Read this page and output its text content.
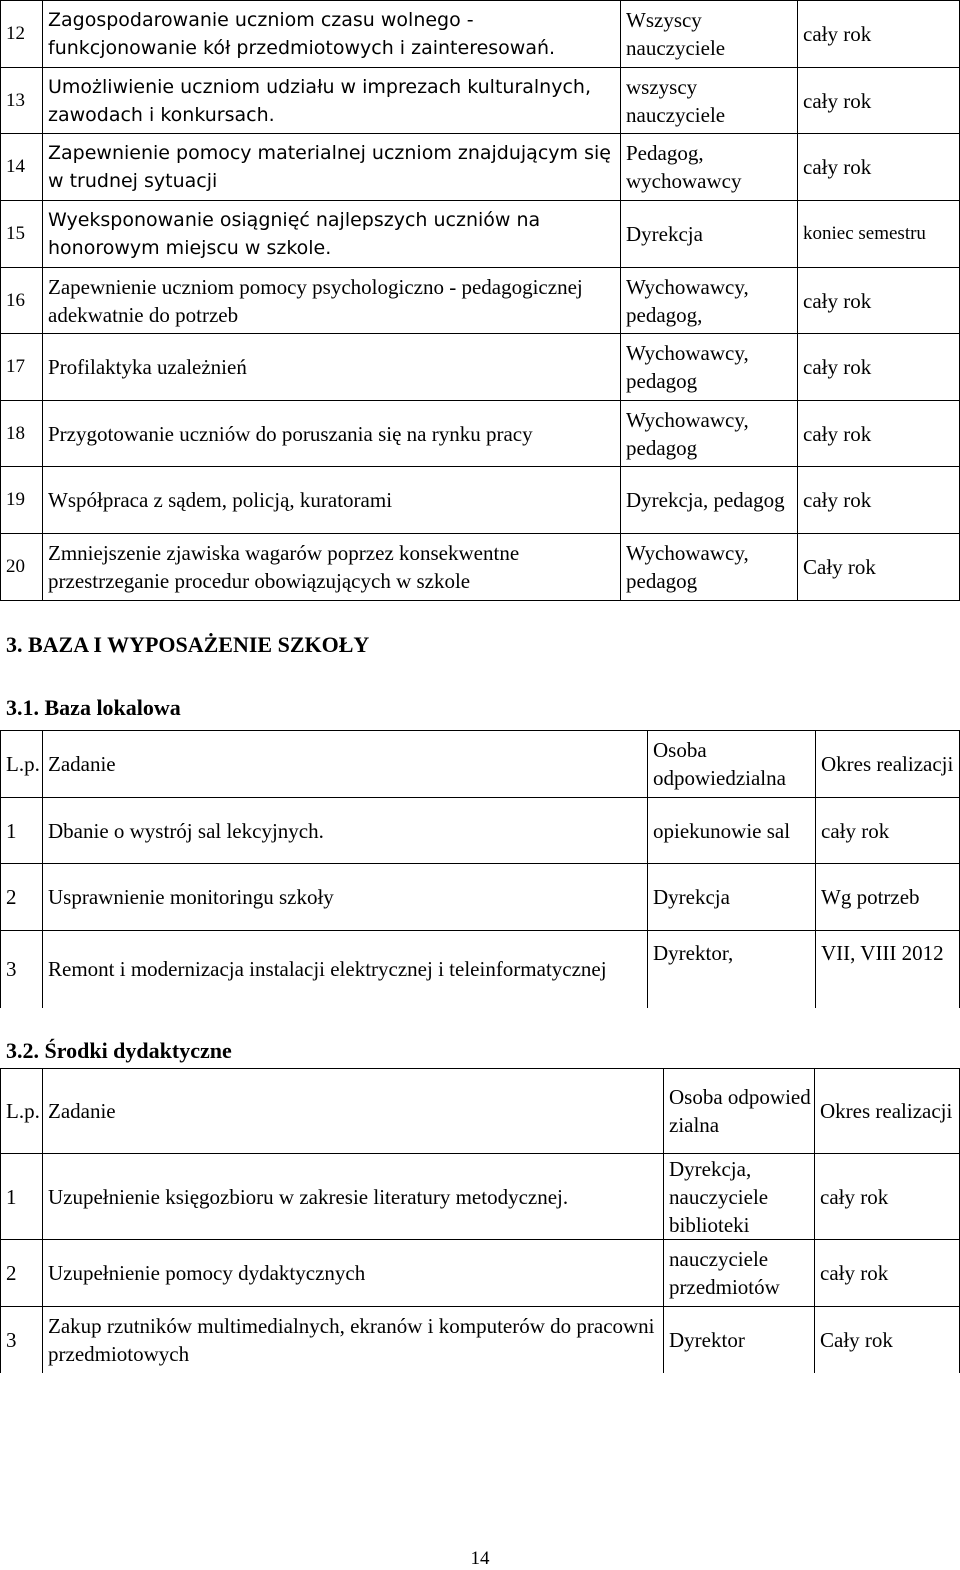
12	Zagospodarowanie uczniom czasu wolnego - funkcjonowanie kół przedmiotowych i zainteresowań.	Wszyscy nauczyciele	cały rok
13	Umożliwienie uczniom udziału w imprezach kulturalnych, zawodach i konkursach.	wszyscy nauczyciele	cały rok
14	Zapewnienie pomocy materialnej uczniom znajdującym się w trudnej sytuacji	Pedagog, wychowawcy	cały rok
15	Wyeksponowanie osiągnięć najlepszych uczniów na honorowym miejscu w szkole.	Dyrekcja	koniec semestru
16	Zapewnienie uczniom pomocy psychologiczno - pedagogicznej adekwatnie do potrzeb	Wychowawcy, pedagog,	cały rok
17	Profilaktyka uzależnień	Wychowawcy, pedagog	cały rok
18	Przygotowanie uczniów do poruszania się na rynku pracy	Wychowawcy, pedagog	cały rok
19	Współpraca z sądem, policją, kuratorami	Dyrekcja, pedagog	cały rok
20	Zmniejszenie zjawiska wagarów poprzez konsekwentne przestrzeganie procedur obowiązujących w szkole	Wychowawcy, pedagog	Cały rok
3. BAZA I WYPOSAŻENIE SZKOŁY
3.1. Baza lokalowa
L.p.	Zadanie	Osoba odpowiedzialna	Okres realizacji
1	Dbanie o wystrój sal lekcyjnych.	opiekunowie sal	cały rok
2	Usprawnienie monitoringu szkoły	Dyrekcja	Wg potrzeb
3	Remont i modernizacja instalacji elektrycznej i teleinformatycznej	Dyrektor,	VII, VIII 2012
3.2. Środki dydaktyczne
L.p.	Zadanie	Osoba odpowiedzialna	Okres realizacji
1	Uzupełnienie księgozbioru w zakresie literatury metodycznej.	Dyrekcja, nauczyciele biblioteki	cały rok
2	Uzupełnienie pomocy dydaktycznych	nauczyciele przedmiotów	cały rok
3	Zakup rzutników multimedialnych, ekranów i komputerów do pracowni przedmiotowych	Dyrektor	Cały rok
14
